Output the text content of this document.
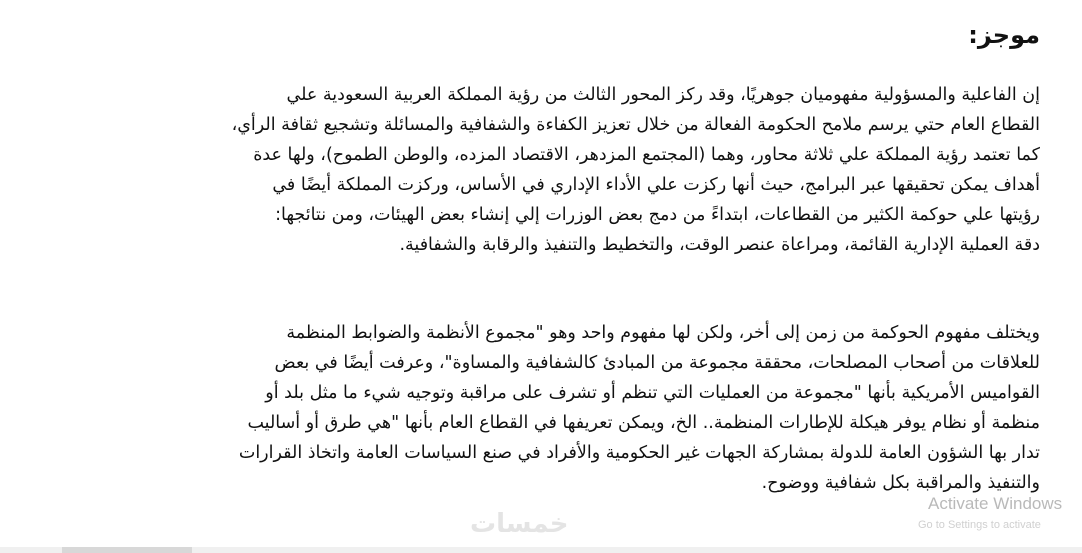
موجز:
إن الفاعلية والمسؤولية مفهوميان جوهريًا، وقد ركز المحور الثالث من رؤية المملكة العربية السعودية علي
القطاع العام حتي يرسم ملامح الحكومة الفعالة من خلال تعزيز الكفاءة والشفافية والمسائلة وتشجيع ثقافة الرأي،
كما تعتمد رؤية المملكة علي ثلاثة محاور، وهما (المجتمع المزدهر، الاقتصاد المزده، والوطن الطموح)، ولها عدة
أهداف يمكن تحقيقها عبر البرامج، حيث أنها ركزت علي الأداء الإداري في الأساس، وركزت المملكة أيضًا في
رؤيتها علي حوكمة الكثير من القطاعات، ابتداءً من دمج بعض الوزرات إلي إنشاء بعض الهيئات، ومن نتائجها:
دقة العملية الإدارية القائمة، ومراعاة عنصر الوقت، والتخطيط والتنفيذ والرقابة والشفافية.
ويختلف مفهوم الحوكمة من زمن إلى أخر، ولكن لها مفهوم واحد وهو "مجموع الأنظمة والضوابط المنظمة
للعلاقات من أصحاب المصلحات، محققة مجموعة من المبادئ كالشفافية والمساوة"، وعرفت أيضًا في بعض
القواميس الأمريكية بأنها "مجموعة من العمليات التي تنظم أو تشرف على مراقبة وتوجيه شيء ما مثل بلد أو
منظمة أو نظام يوفر هيكلة للإطارات المنظمة.. الخ، ويمكن تعريفها في القطاع العام بأنها "هي طرق أو أساليب
تدار بها الشؤون العامة للدولة بمشاركة الجهات غير الحكومية والأفراد في صنع السياسات العامة واتخاذ القرارات
والتنفيذ والمراقبة بكل شفافية ووضوح.
خمسات
Activate Windows
Go to Settings to activate
